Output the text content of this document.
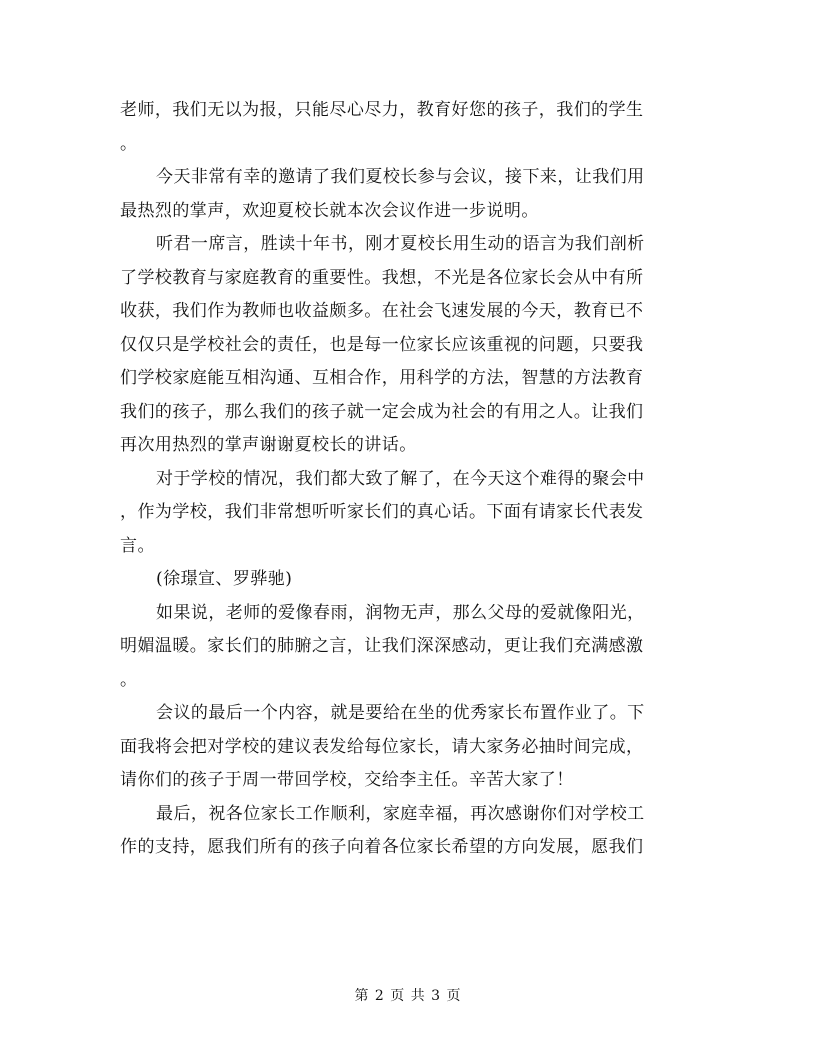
老师，我们无以为报，只能尽心尽力，教育好您的孩子，我们的学生
。

今天非常有幸的邀请了我们夏校长参与会议，接下来，让我们用
最热烈的掌声，欢迎夏校长就本次会议作进一步说明。

听君一席言，胜读十年书，刚才夏校长用生动的语言为我们剖析
了学校教育与家庭教育的重要性。我想，不光是各位家长会从中有所
收获，我们作为教师也收益颇多。在社会飞速发展的今天，教育已不
仅仅只是学校社会的责任，也是每一位家长应该重视的问题，只要我
们学校家庭能互相沟通、互相合作，用科学的方法，智慧的方法教育
我们的孩子，那么我们的孩子就一定会成为社会的有用之人。让我们
再次用热烈的掌声谢谢夏校长的讲话。

对于学校的情况，我们都大致了解了，在今天这个难得的聚会中
，作为学校，我们非常想听听家长们的真心话。下面有请家长代表发
言。

(徐璟宣、罗骅驰)

如果说，老师的爱像春雨，润物无声，那么父母的爱就像阳光，
明媚温暖。家长们的肺腑之言，让我们深深感动，更让我们充满感激
。

会议的最后一个内容，就是要给在坐的优秀家长布置作业了。下
面我将会把对学校的建议表发给每位家长，请大家务必抽时间完成，
请你们的孩子于周一带回学校，交给李主任。辛苦大家了！

最后，祝各位家长工作顺利，家庭幸福，再次感谢你们对学校工
作的支持，愿我们所有的孩子向着各位家长希望的方向发展，愿我们

第 2 页 共 3 页
